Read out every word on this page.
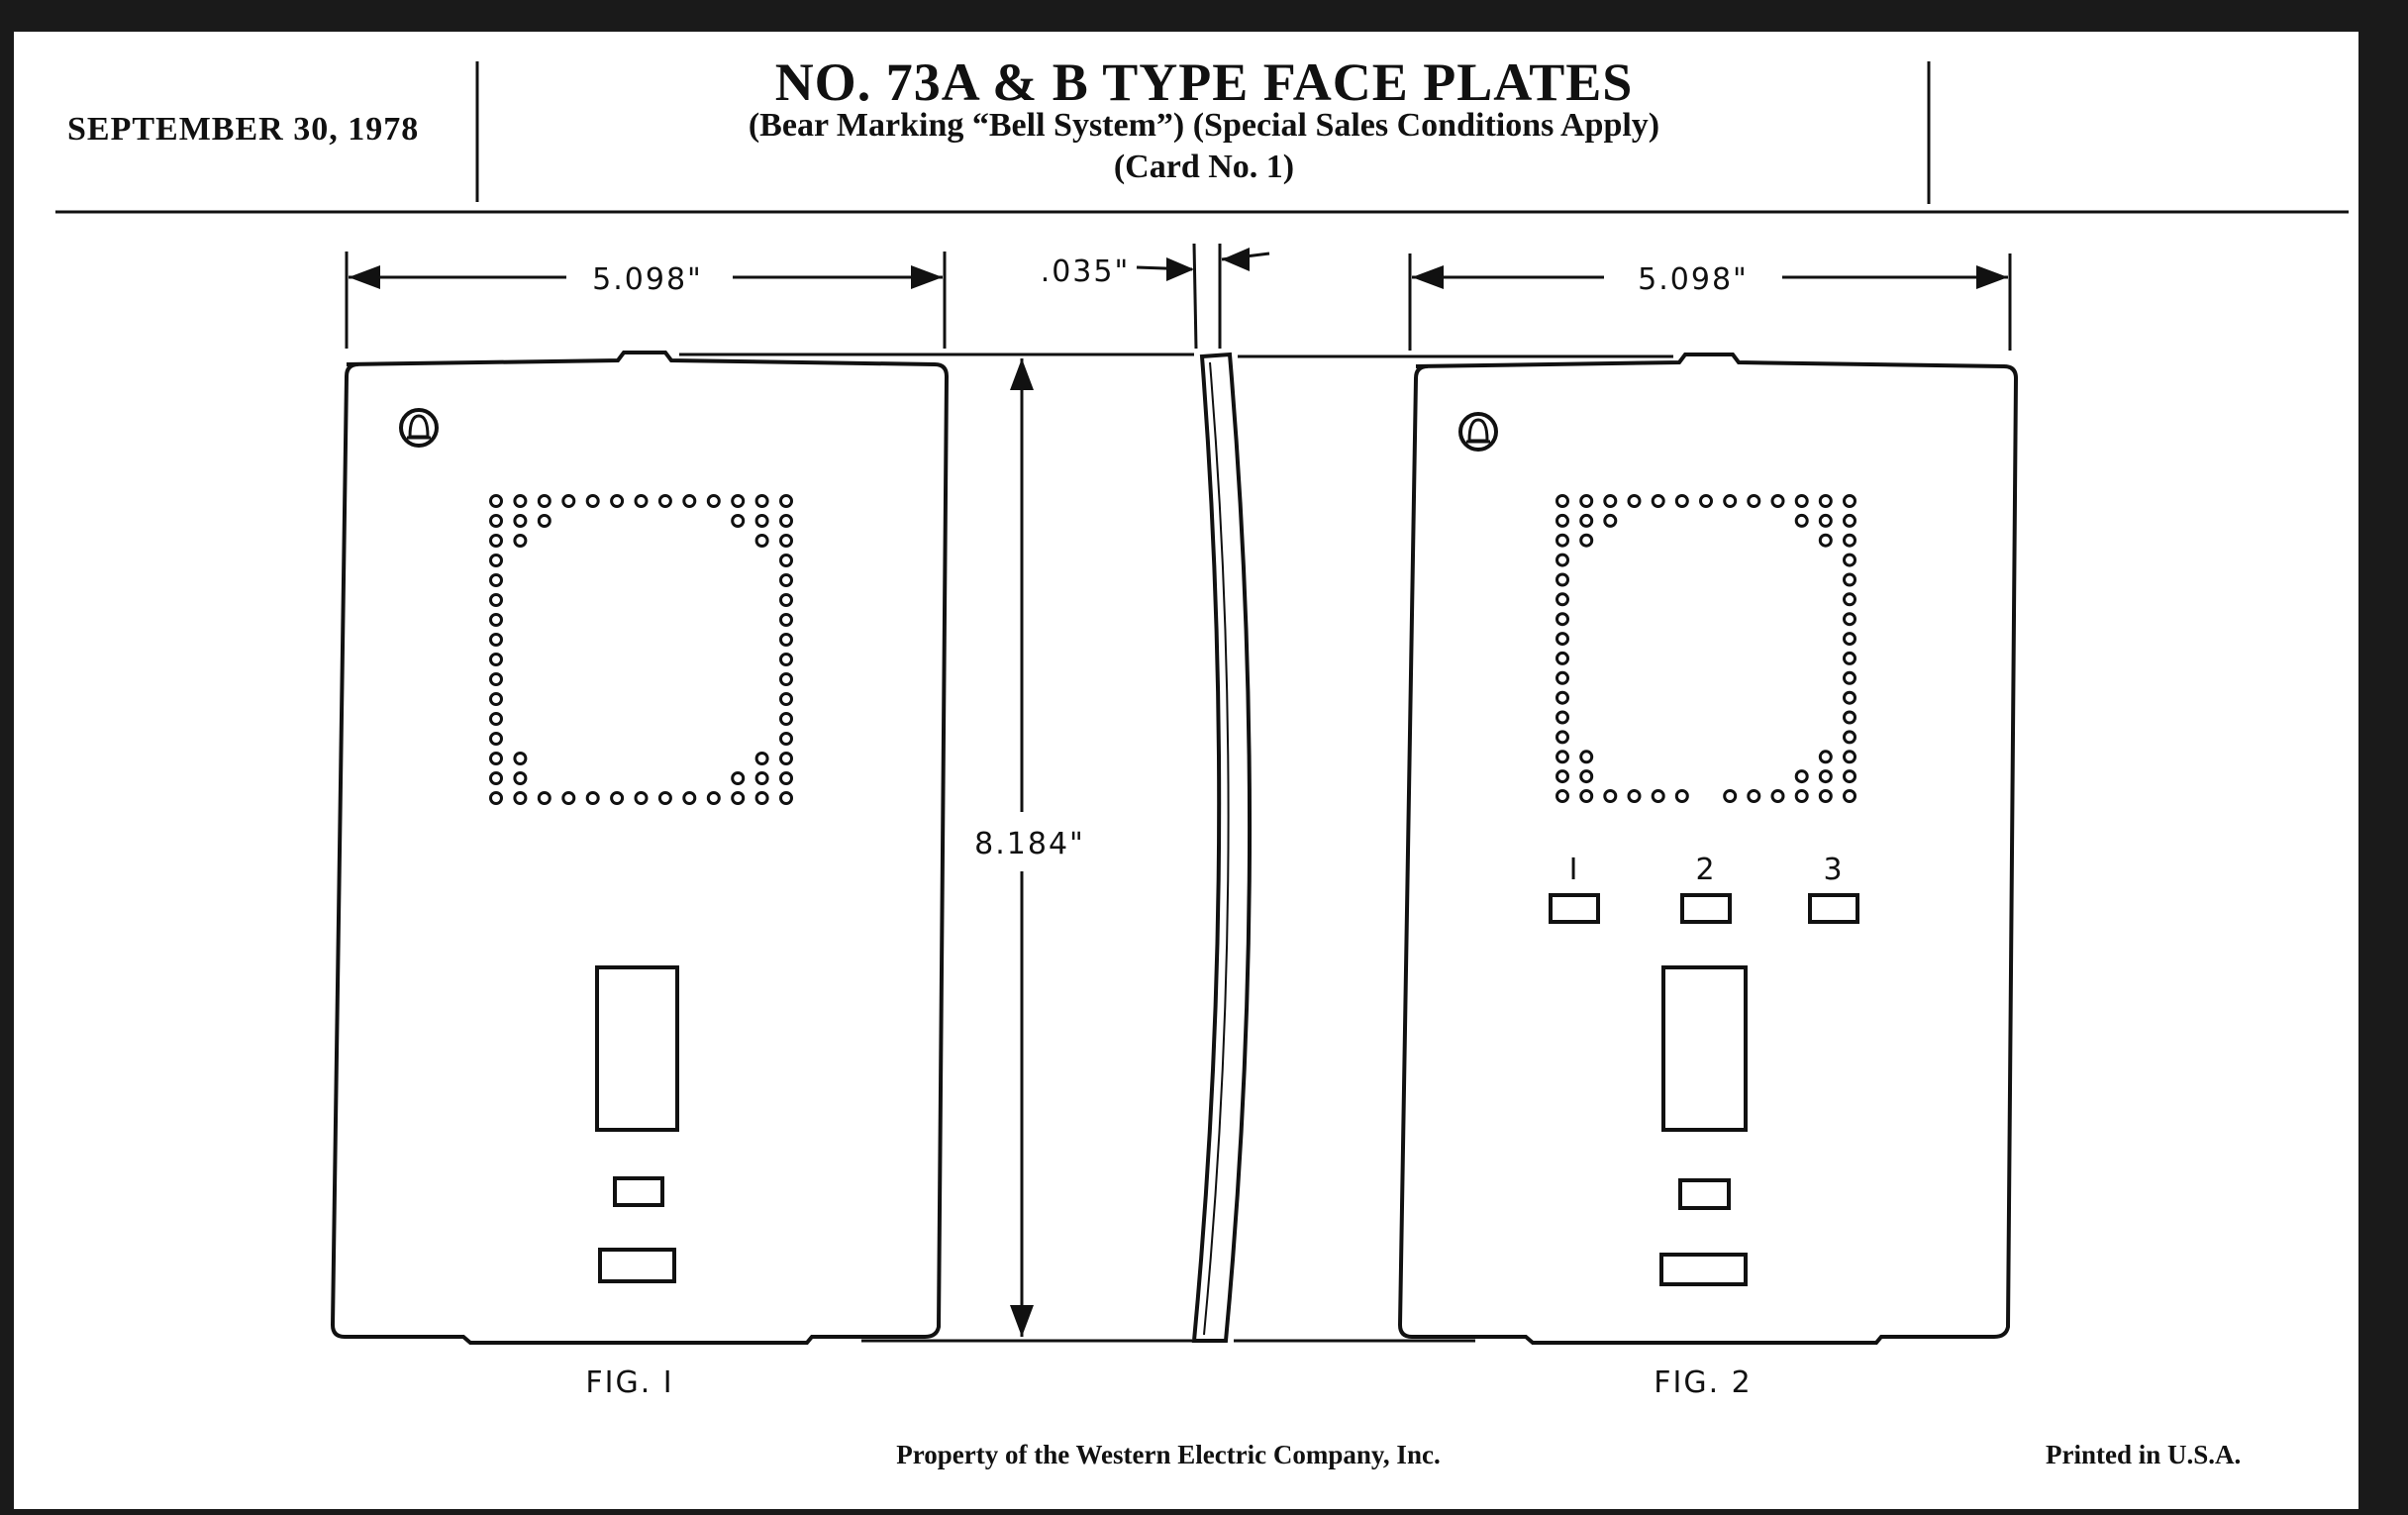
SEPTEMBER 30, 1978
NO. 73A & B TYPE FACE PLATES
(Bear Marking “Bell System”) (Special Sales Conditions Apply)
(Card No. 1)
5.098"	.035"	5.098"
8.184"
I	2	3
FIG. I	FIG. 2
Property of the Western Electric Company, Inc.	Printed in U.S.A.
